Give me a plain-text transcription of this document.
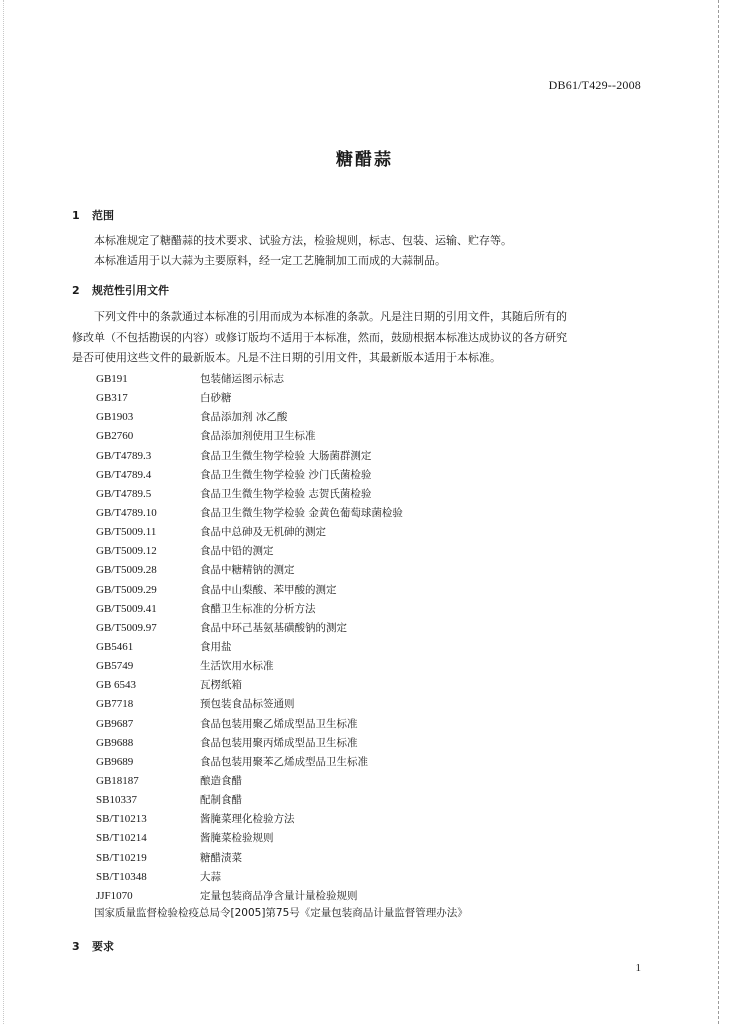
DB61/T429--2008
糖醋蒜
1 范围
本标准规定了糖醋蒜的技术要求、试验方法，检验规则，标志、包装、运输、贮存等。
本标准适用于以大蒜为主要原料，经一定工艺腌制加工而成的大蒜制品。
2 规范性引用文件
下列文件中的条款通过本标准的引用而成为本标准的条款。凡是注日期的引用文件，其随后所有的
修改单（不包括勘误的内容）或修订版均不适用于本标准，然而，鼓励根据本标准达成协议的各方研究
是否可使用这些文件的最新版本。凡是不注日期的引用文件，其最新版本适用于本标准。
GB191	包装储运图示标志
GB317	白砂糖
GB1903	食品添加剂 冰乙酸
GB2760	食品添加剂使用卫生标准
GB/T4789.3	食品卫生微生物学检验 大肠菌群测定
GB/T4789.4	食品卫生微生物学检验 沙门氏菌检验
GB/T4789.5	食品卫生微生物学检验 志贺氏菌检验
GB/T4789.10	食品卫生微生物学检验 金黄色葡萄球菌检验
GB/T5009.11	食品中总砷及无机砷的测定
GB/T5009.12	食品中铅的测定
GB/T5009.28	食品中糖精钠的测定
GB/T5009.29	食品中山梨酸、苯甲酸的测定
GB/T5009.41	食醋卫生标准的分析方法
GB/T5009.97	食品中环己基氨基磺酸钠的测定
GB5461	食用盐
GB5749	生活饮用水标准
GB 6543	瓦楞纸箱
GB7718	预包装食品标签通则
GB9687	食品包装用聚乙烯成型品卫生标准
GB9688	食品包装用聚丙烯成型品卫生标准
GB9689	食品包装用聚苯乙烯成型品卫生标准
GB18187	酿造食醋
SB10337	配制食醋
SB/T10213	酱腌菜理化检验方法
SB/T10214	酱腌菜检验规则
SB/T10219	糖醋渍菜
SB/T10348	大蒜
JJF1070	定量包装商品净含量计量检验规则
国家质量监督检验检疫总局令[2005]第75号《定量包装商品计量监督管理办法》
3 要求
1
